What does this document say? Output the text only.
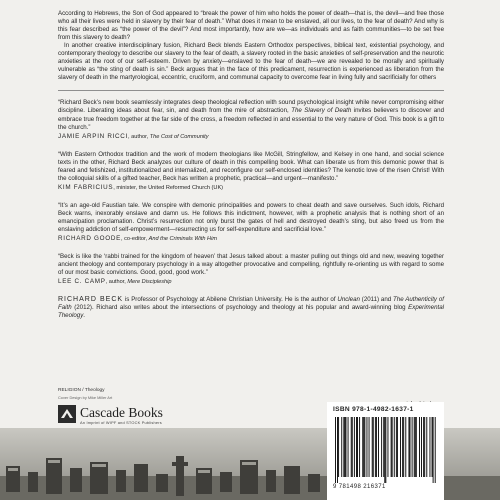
According to Hebrews, the Son of God appeared to “break the power of him who holds the power of death—that is, the devil—and free those who all their lives were held in slavery by their fear of death.” What does it mean to be enslaved, all our lives, to the fear of death? And why is this fear described as “the power of the devil”? And most importantly, how are we—as individuals and as faith communities—to be set free from this slavery to death?

In another creative interdisciplinary fusion, Richard Beck blends Eastern Orthodox perspectives, biblical text, existential psychology, and contemporary theology to describe our slavery to the fear of death, a slavery rooted in the basic anxieties of self-preservation and the neurotic anxieties at the root of our self-esteem. Driven by anxiety—enslaved to the fear of death—we are revealed to be morally and spiritually vulnerable as “the sting of death is sin.” Beck argues that in the face of this predicament, resurrection is experienced as liberation from the slavery of death in the martyrological, eccentric, cruciform, and communal capacity to overcome fear in living fully and sacrificially for others

“Richard Beck’s new book seamlessly integrates deep theological reflection with sound psychological insight while never compromising either discipline. Liberating ideas about fear, sin, and death from the mire of abstraction, The Slavery of Death invites believers to discover and embrace true freedom together at the far side of the cross, a freedom reflected in and essential to the very nature of God. This book is a gift to the church.”

JAMIE ARPIN RICCI, author, The Cost of Community

“With Eastern Orthodox tradition and the work of modern theologians like McGill, Stringfellow, and Kelsey in one hand, and social science texts in the other, Richard Beck analyzes our culture of death in this compelling book. What can liberate us from this demonic power that is feared and fetishized, institutionalized and internalized, and reconfigure our self-enclosed identities? The kenotic love of the risen Christ! With the colloquial skills of a gifted teacher, Beck has written a prophetic, practical—and urgent—manifesto.”

KIM FABRICIUS, minister, the United Reformed Church (UK)

“It’s an age-old Faustian tale. We conspire with demonic principalities and powers to cheat death and save ourselves. Such idols, Richard Beck warns, inexorably enslave and damn us. He follows this indictment, however, with a prophetic analysis that is nothing short of an emancipation proclamation. Christ’s resurrection not only burst the gates of hell and destroyed death’s sting, but also freed us from the enslaving addiction of self-empowerment—resurrecting us for self-expenditure and sacrificial love.”

RICHARD GOODE, co-editor, And the Criminals With Him

“Beck is like the ‘rabbi trained for the kingdom of heaven’ that Jesus talked about: a master pulling out things old and new, weaving together ancient theology and contemporary psychology in a way altogether provocative and compelling, rightfully re-orienting us with regard to some of our most basic convictions. Good, good, good work.”

LEE C. CAMP, author, Mere Discipleship

RICHARD BECK is Professor of Psychology at Abilene Christian University. He is the author of Unclean (2011) and The Authenticity of Faith (2012). Richard also writes about the intersections of psychology and theology at his popular and award-winning blog Experimental Theology.

RELIGION / Theology
Cover Design by Mike Miller Art
Cascade Books
An Imprint of WIPF and STOCK Publishers
ISBN 978-1-4982-1637-1
9 781498 216371
